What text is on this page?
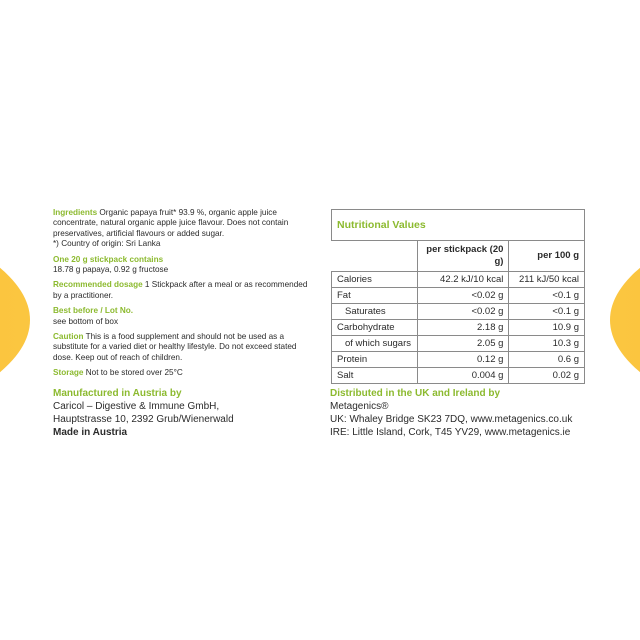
Ingredients Organic papaya fruit* 93.9 %, organic apple juice concentrate, natural organic apple juice flavour. Does not contain preservatives, artificial flavours or added sugar.

*) Country of origin: Sri Lanka

One 20 g stickpack contains

18.78 g papaya, 0.92 g fructose

Recommended dosage 1 Stickpack after a meal or as recommended by a practitioner.

Best before / Lot No.

see bottom of box

Caution This is a food supplement and should not be used as a substitute for a varied diet or healthy lifestyle. Do not exceed stated dose. Keep out of reach of children.

Storage Not to be stored over 25°C

Nutritional Values		
	per stickpack (20 g)	per 100 g
Calories	42.2 kJ/10 kcal	211 kJ/50 kcal
Fat	<0.02 g	<0.1 g
Saturates	<0.02 g	<0.1 g
Carbohydrate	2.18 g	10.9 g
of which sugars	2.05 g	10.3 g
Protein	0.12 g	0.6 g
Salt	0.004 g	0.02 g

Manufactured in Austria by

Caricol – Digestive & Immune GmbH,

Hauptstrasse 10, 2392 Grub/Wienerwald

Made in Austria

Distributed in the UK and Ireland by

Metagenics®

UK: Whaley Bridge SK23 7DQ, www.metagenics.co.uk

IRE: Little Island, Cork, T45 YV29, www.metagenics.ie
